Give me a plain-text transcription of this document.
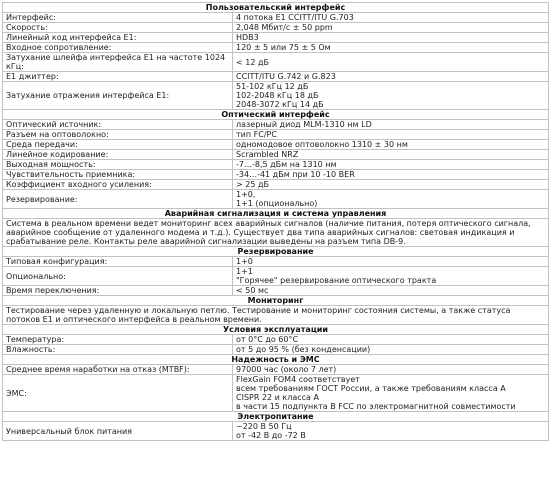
Пользовательский интерфейс	
Интерфейс:	4 потока E1 CCITT/ITU G.703

Скорость:	2,048 Мбит/с ± 50 ppm

Линейный код интерфейса E1:	HDB3

Входное сопротивление:	120 ± 5 или 75 ± 5 Ом

Затухание шлейфа интерфейса E1 на частоте 1024 кГц:	< 12 дБ

E1 джиттер:	CCITT/ITU G.742 и G.823

Затухание отражения интерфейса E1:	51-102 кГц 12 дБ
102-2048 кГц 18 дБ
2048-3072 кГц 14 дБ

Оптический интерфейс	
Оптический источник:	лазерный диод MLM-1310 нм LD

Разъем на оптоволокно:	тип FC/PC

Среда передачи:	одномодовое оптоволокно 1310 ± 30 нм

Линейное кодирование:	Scrambled NRZ

Выходная мощность:	-7…-8,5 дБм на 1310 нм

Чувствительность приемника:	-34…-41 дБм при 10 -10 BER

Коэффициент входного усиления:	> 25 дБ

Резервирование:	1+0,
1+1 (опционально)

Аварийная сигнализация и система управления	
Система в реальном времени ведет мониторинг всех аварийных сигналов (наличие питания, потеря оптического сигнала, аварийное сообщение от удаленного модема и т.д.). Существует два типа аварийных сигналов: световая индикация и срабатывание реле. Контакты реле аварийной сигнализации выведены на разъем типа DB-9.	
Резервирование	
Типовая конфигурация:	1+0

Опционально:	1+1
"Горячее" резервирование оптического тракта

Время переключения:	< 50 мс

Мониторинг	
Тестирование через удаленную и локальную петлю. Тестирование и мониторинг состояния системы, а также статуса потоков E1 и оптического интерфейса в реальном времени.	
Условия эксплуатации	
Температура:	от 0°C до 60°C

Влажность:	от 5 до 95 % (без конденсации)

Надежность и ЭМС	
Среднее время наработки на отказ (MTBF):	97000 час (около 7 лет)

ЭМС:	FlexGain FOM4 соответствует
всем требованиям ГОСТ России, а также требованиям класса A
CISPR 22 и класса A
в части 15 подпункта B FCC по электромагнитной совместимости

Электропитание	
Универсальный блок питания	~220 В 50 Гц
от -42 В до -72 В
